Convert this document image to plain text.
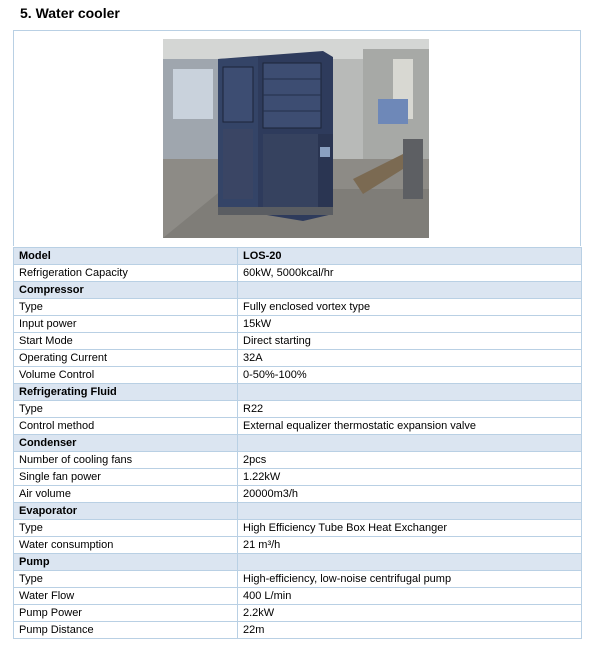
5. Water cooler
Model	LOS-20
Refrigeration Capacity	60kW, 5000kcal/hr
Compressor	
Type	Fully enclosed vortex type
Input power	15kW
Start Mode	Direct starting
Operating Current	32A
Volume Control	0-50%-100%
Refrigerating Fluid	
Type	R22
Control method	External equalizer thermostatic expansion valve
Condenser	
Number of cooling fans	2pcs
Single fan power	1.22kW
Air volume	20000m3/h
Evaporator	
Type	High Efficiency Tube Box Heat Exchanger
Water consumption	21 m³/h
Pump	
Type	High-efficiency, low-noise centrifugal pump
Water Flow	400 L/min
Pump Power	2.2kW
Pump Distance	22m
